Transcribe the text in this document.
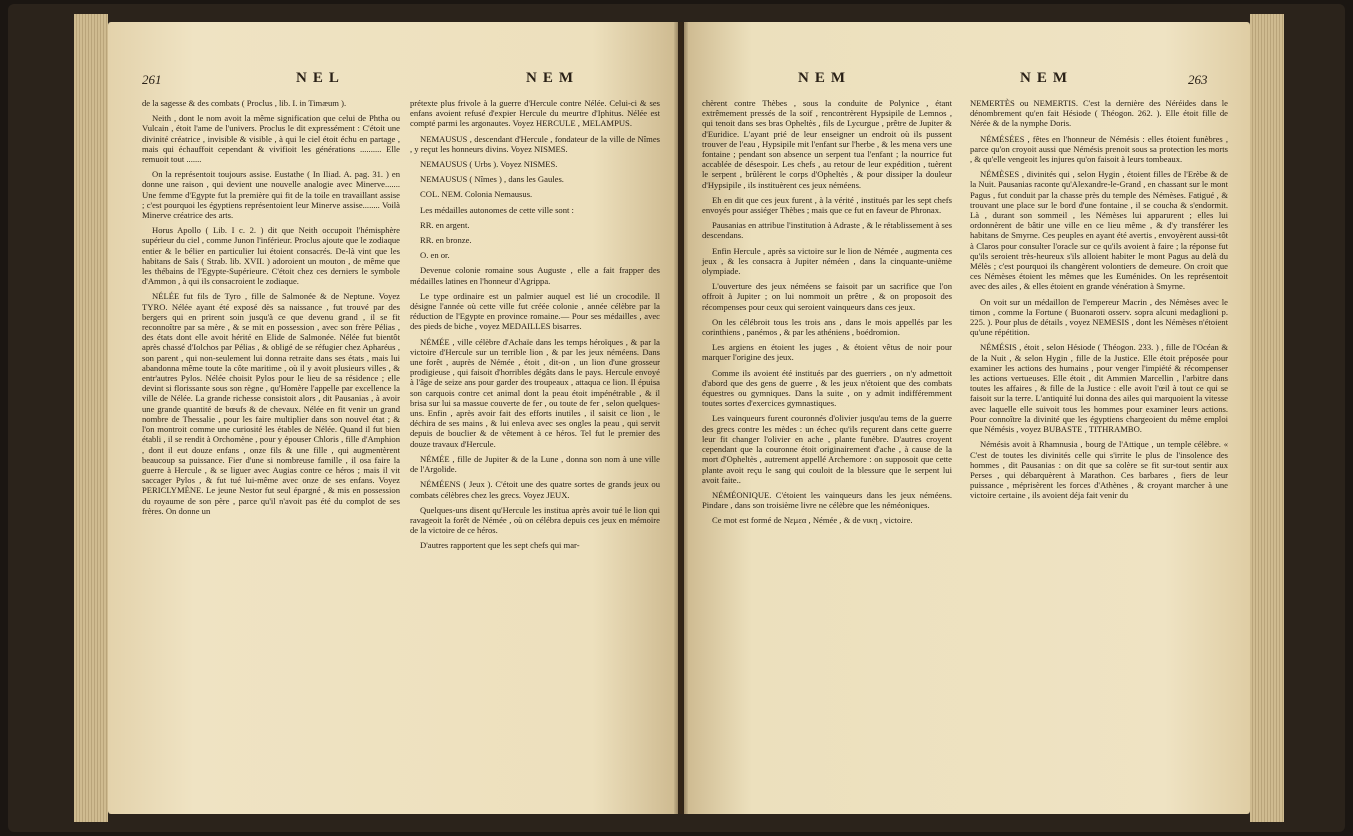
261	NEL	NEM

de la sagesse & des combats ( Proclus , lib. I. in Timæum ).

Neith , dont le nom avoit la même signification que celui de Phtha ou Vulcain , étoit l'ame de l'univers. Proclus le dit expressément : C'étoit une divinité créatrice , invisible & visible , à qui le ciel étoit échu en partage , mais qui échauffoit cependant & vivifioit les générations .......... Elle remuoit tout .......

On la représentoit toujours assise. Eustathe ( In Iliad. A. pag. 31. ) en donne une raison , qui devient une nouvelle analogie avec Minerve....... Une femme d'Egypte fut la première qui fit de la toile en travaillant assise ; c'est pourquoi les égyptiens représentoient leur Minerve assise........ Voilà Minerve créatrice des arts.

Horus Apollo ( Lib. I c. 2. ) dit que Neith occupoit l'hémisphère supérieur du ciel , comme Junon l'inférieur. Proclus ajoute que le zodiaque entier & le bélier en particulier lui étoient consacrés. De-là vint que les habitans de Saïs ( Strab. lib. XVII. ) adoroient un mouton , de même que les thébains de l'Egypte-Supérieure. C'étoit chez ces derniers le symbole d'Ammon , à qui ils consacroient le zodiaque.

NÉLÉE fut fils de Tyro , fille de Salmonée & de Neptune. Voyez TYRO. Nélée ayant été exposé dès sa naissance , fut trouvé par des bergers qui en prirent soin jusqu'à ce que devenu grand , il se fit reconnoître par sa mère , & se mit en possession , avec son frère Pélias , des états dont elle avoit hérité en Elide de Salmonée. Nélée fut bientôt après chassé d'Iolchos par Pélias , & obligé de se réfugier chez Apharéus , son parent , qui non-seulement lui donna retraite dans ses états , mais lui abandonna même toute la côte maritime , où il y avoit plusieurs villes , & entr'autres Pylos. Nélée choisit Pylos pour le lieu de sa résidence ; elle devint si florissante sous son règne , qu'Homère l'appelle par excellence la ville de Nélée. La grande richesse consistoit alors , dit Pausanias , à avoir une grande quantité de bœufs & de chevaux. Nélée en fit venir un grand nombre de Thessalie , pour les faire multiplier dans son nouvel état ; & l'on montroit comme une curiosité les étables de Nélée. Quand il fut bien établi , il se rendit à Orchomène , pour y épouser Chloris , fille d'Amphion , dont il eut douze enfans , onze fils & une fille , qui augmentèrent beaucoup sa puissance. Fier d'une si nombreuse famille , il osa faire la guerre à Hercule , & se liguer avec Augias contre ce héros ; mais il vit saccager Pylos , & fut tué lui-même avec onze de ses enfans. Voyez PERICLYMÈNE. Le jeune Nestor fut seul épargné , & mis en possession du royaume de son père , parce qu'il n'avoit pas été du complot de ses frères. On donne un

prétexte plus frivole à la guerre d'Hercule contre Nélée. Celui-ci & ses enfans avoient refusé d'expier Hercule du meurtre d'Iphitus. Nélée est compté parmi les argonautes. Voyez HERCULE , MELAMPUS.

NEMAUSUS , descendant d'Hercule , fondateur de la ville de Nîmes , y reçut les honneurs divins. Voyez NISMES.

NEMAUSUS ( Urbs ). Voyez NISMES.

NEMAUSUS ( Nîmes ) , dans les Gaules.

COL. NEM. Colonia Nemausus.

Les médailles autonomes de cette ville sont :

RR. en argent.

RR. en bronze.

O. en or.

Devenue colonie romaine sous Auguste , elle a fait frapper des médailles latines en l'honneur d'Agrippa.

Le type ordinaire est un palmier auquel est lié un crocodile. Il désigne l'année où cette ville fut créée colonie , année célèbre par la réduction de l'Egypte en province romaine.— Pour ses médailles , avec des pieds de biche , voyez MEDAILLES bisarres.

NÉMÉE , ville célèbre d'Achaïe dans les temps héroïques , & par la victoire d'Hercule sur un terrible lion , & par les jeux néméens. Dans une forêt , auprès de Némée , étoit , dit-on , un lion d'une grosseur prodigieuse , qui faisoit d'horribles dégâts dans le pays. Hercule envoyé à l'âge de seize ans pour garder des troupeaux , attaqua ce lion. Il épuisa son carquois contre cet animal dont la peau étoit impénétrable , & il brisa sur lui sa massue couverte de fer , ou toute de fer , selon quelques-uns. Enfin , après avoir fait des efforts inutiles , il saisit ce lion , le déchira de ses mains , & lui enleva avec ses ongles la peau , qui servit depuis de bouclier & de vêtement à ce héros. Tel fut le premier des douze travaux d'Hercule.

NÉMÉE , fille de Jupiter & de la Lune , donna son nom à une ville de l'Argolide.

NÉMÉENS ( Jeux ). C'étoit une des quatre sortes de grands jeux ou combats célèbres chez les grecs. Voyez JEUX.

Quelques-uns disent qu'Hercule les institua après avoir tué le lion qui ravageoit la forêt de Némée , où on célébra depuis ces jeux en mémoire de la victoire de ce héros.

D'autres rapportent que les sept chefs qui mar-

NEM	NEM	263

chèrent contre Thèbes , sous la conduite de Polynice , étant extrêmement pressés de la soif , rencontrèrent Hypsipile de Lemnos , qui tenoit dans ses bras Opheltès , fils de Lycurgue , prêtre de Jupiter & d'Euridice. L'ayant prié de leur enseigner un endroit où ils pussent trouver de l'eau , Hypsipile mit l'enfant sur l'herbe , & les mena vers une fontaine ; pendant son absence un serpent tua l'enfant ; la nourrice fut accablée de désespoir. Les chefs , au retour de leur expédition , tuèrent le serpent , brûlèrent le corps d'Opheltès , & pour dissiper la douleur d'Hypsipile , ils instituèrent ces jeux néméens.

Eh en dit que ces jeux furent , à la vérité , institués par les sept chefs envoyés pour assiéger Thèbes ; mais que ce fut en faveur de Phronax.

Pausanias en attribue l'institution à Adraste , & le rétablissement à ses descendans.

Enfin Hercule , après sa victoire sur le lion de Némée , augmenta ces jeux , & les consacra à Jupiter néméen , dans la cinquante-unième olympiade.

L'ouverture des jeux néméens se faisoit par un sacrifice que l'on offroit à Jupiter ; on lui nommoit un prêtre , & on proposoit des récompenses pour ceux qui seroient vainqueurs dans ces jeux.

On les célébroit tous les trois ans , dans le mois appellés par les corinthiens , panémos , & par les athéniens , boédromion.

Les argiens en étoient les juges , & étoient vêtus de noir pour marquer l'origine des jeux.

Comme ils avoient été institués par des guerriers , on n'y admettoit d'abord que des gens de guerre , & les jeux n'étoient que des combats équestres ou gymniques. Dans la suite , on y admit indifféremment toutes sortes d'exercices gymnastiques.

Les vainqueurs furent couronnés d'olivier jusqu'au tems de la guerre des grecs contre les mèdes : un échec qu'ils reçurent dans cette guerre leur fit changer l'olivier en ache , plante funèbre. D'autres croyent cependant que la couronne étoit originairement d'ache , à cause de la mort d'Opheltès , autrement appellé Archemore : on supposoit que cette plante avoit reçu le sang qui couloit de la blessure que le serpent lui avoit faite..

NÉMÉONIQUE. C'étoient les vainqueurs dans les jeux néméens. Pindare , dans son troisième livre ne célèbre que les néméoniques.

Ce mot est formé de Νεμεα , Némée , & de νικη , victoire.

NEMERTÈS ou NEMERTIS. C'est la dernière des Néréides dans le dénombrement qu'en fait Hésiode ( Théogon. 262. ). Elle étoit fille de Nérée & de la nymphe Doris.

NÉMÉSÉES , fêtes en l'honneur de Némésis : elles étoient funèbres , parce qu'on croyoit aussi que Némésis prenoit sous sa protection les morts , & qu'elle vengeoit les injures qu'on faisoit à leurs tombeaux.

NÉMÈSES , divinités qui , selon Hygin , étoient filles de l'Erèbe & de la Nuit. Pausanias raconte qu'Alexandre-le-Grand , en chassant sur le mont Pagus , fut conduit par la chasse près du temple des Némèses. Fatigué , & trouvant une place sur le bord d'une fontaine , il se coucha & s'endormit. Là , durant son sommeil , les Némèses lui apparurent ; elles lui ordonnèrent de bâtir une ville en ce lieu même , & d'y transférer les habitans de Smyrne. Ces peuples en ayant été avertis , envoyèrent aussi-tôt à Claros pour consulter l'oracle sur ce qu'ils avoient à faire ; la réponse fut qu'ils seroient très-heureux s'ils alloient habiter le mont Pagus au delà du Mélès ; c'est pourquoi ils changèrent volontiers de demeure. On croit que ces Némèses étoient les mêmes que les Euménides. On les représentoit avec des ailes , & elles étoient en grande vénération à Smyrne.

On voit sur un médaillon de l'empereur Macrin , des Némèses avec le timon , comme la Fortune ( Buonaroti osserv. sopra alcuni medaglioni p. 225. ). Pour plus de détails , voyez NEMESIS , dont les Némèses n'étoient qu'une répétition.

NÉMÉSIS , étoit , selon Hésiode ( Théogon. 233. ) , fille de l'Océan & de la Nuit , & selon Hygin , fille de la Justice. Elle étoit préposée pour examiner les actions des humains , pour venger l'impiété & récompenser les actions vertueuses. Elle étoit , dit Ammien Marcellin , l'arbitre dans toutes les affaires , & fille de la Justice : elle avoit l'œil à tout ce qui se faisoit sur la terre. L'antiquité lui donna des ailes qui marquoient la vitesse avec laquelle elle suivoit tous les hommes pour examiner leurs actions. Pour connoître la divinité que les égyptiens chargeoient du même emploi que Némésis , voyez BUBASTE , TITHRAMBO.

Némésis avoit à Rhamnusia , bourg de l'Attique , un temple célèbre. « C'est de toutes les divinités celle qui s'irrite le plus de l'insolence des hommes , dit Pausanias : on dit que sa colère se fit sur-tout sentir aux Perses , qui débarquèrent à Marathon. Ces barbares , fiers de leur puissance , méprisèrent les forces d'Athènes , & croyant marcher à une victoire certaine , ils avoient déja fait venir du
